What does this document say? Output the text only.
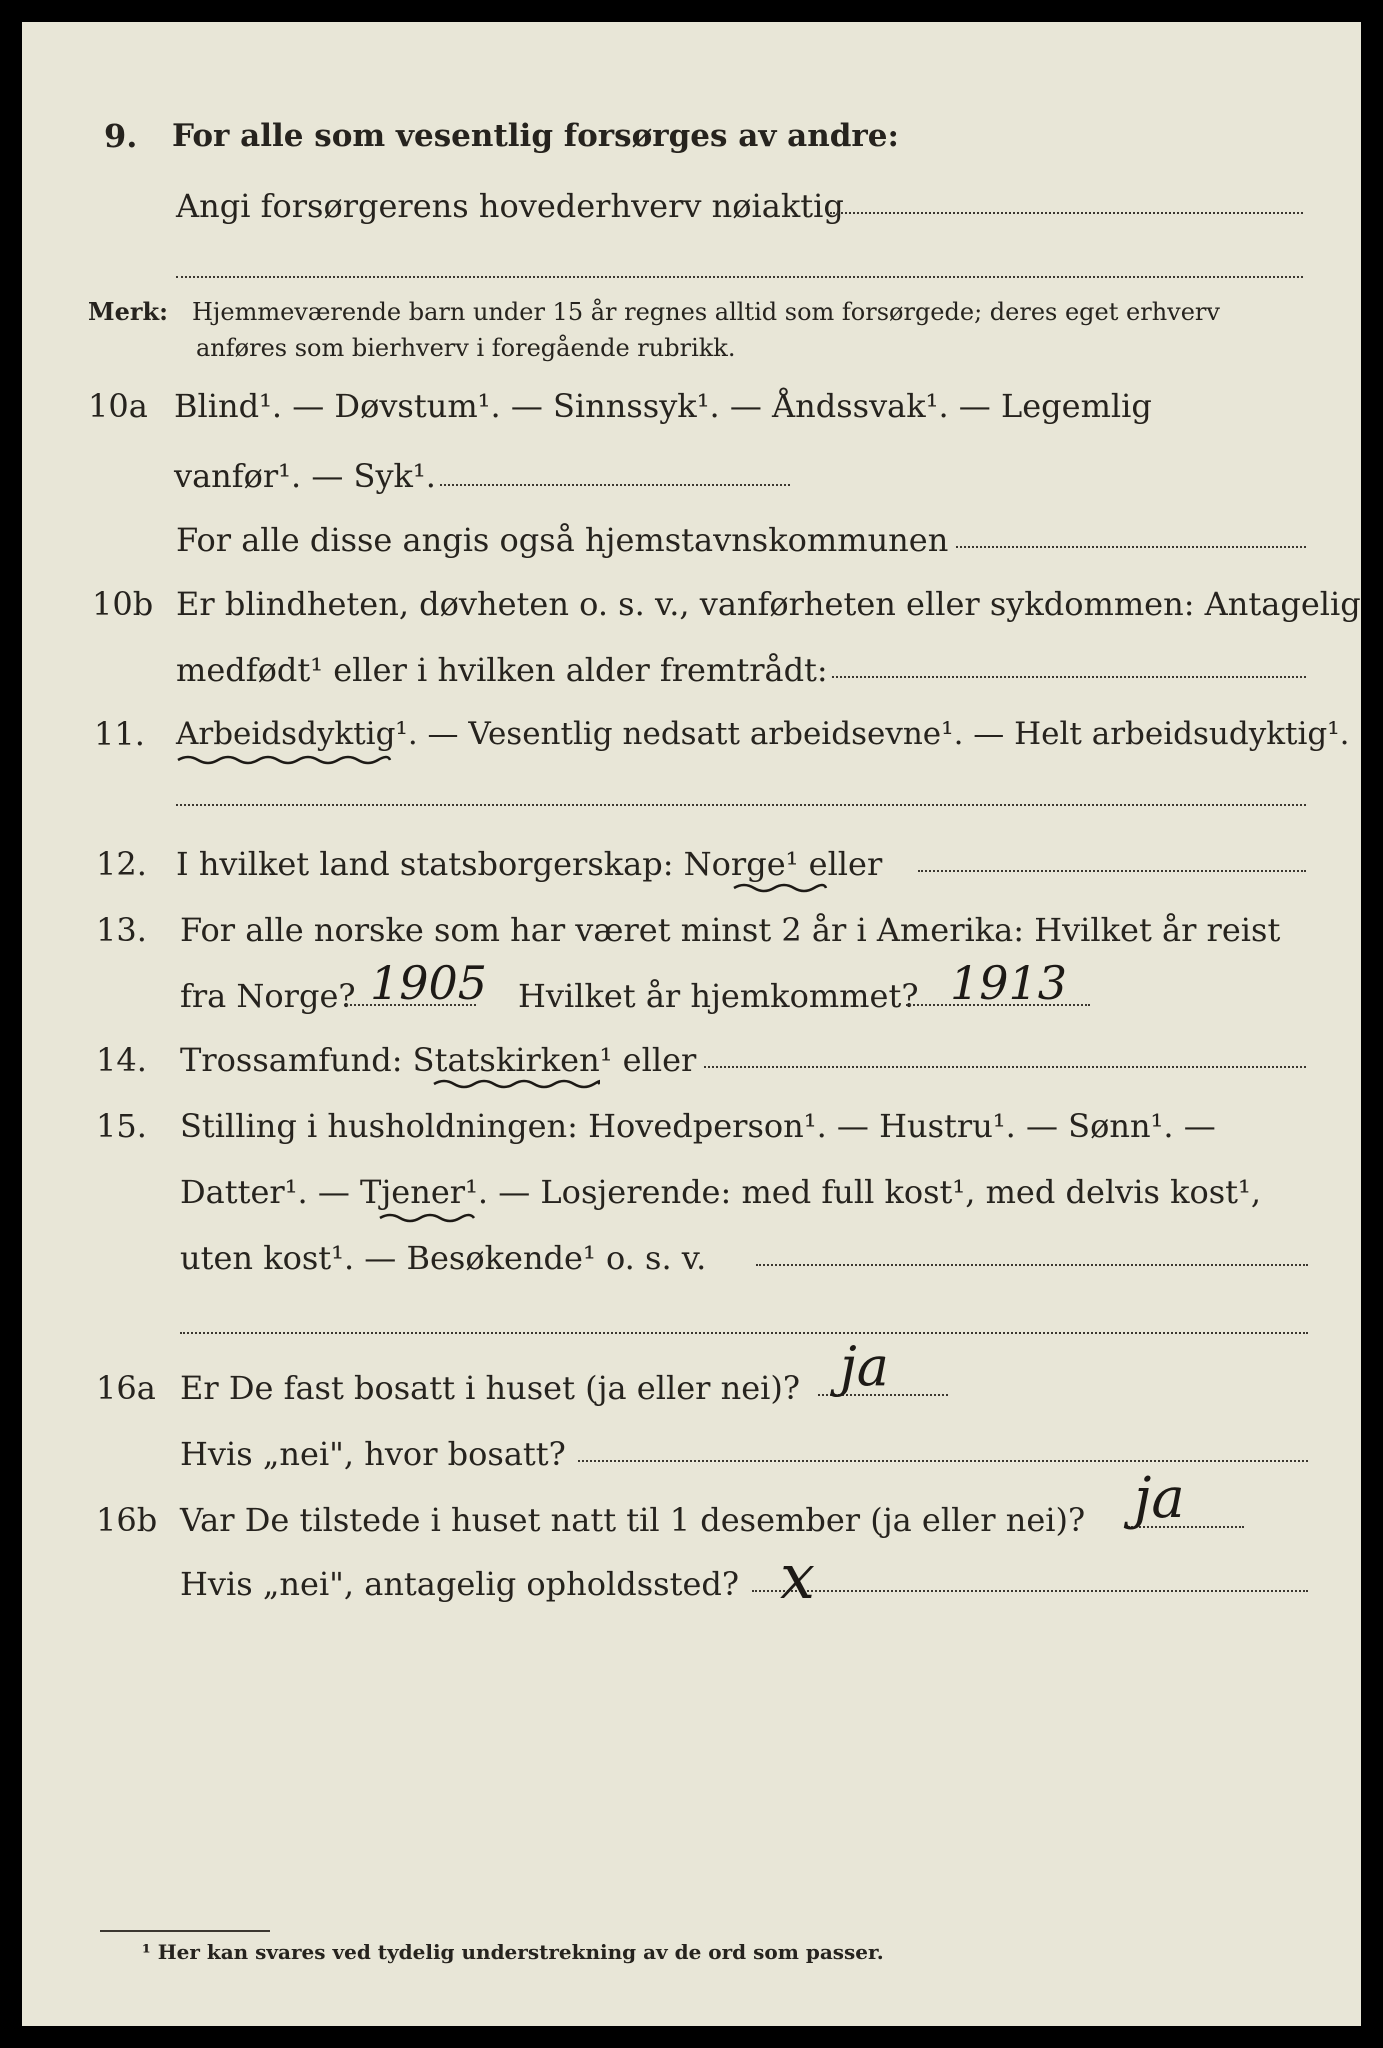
9. For alle som vesentlig forsørges av andre:
Angi forsørgerens hovederhverv nøiaktig
Merk: Hjemmeværende barn under 15 år regnes alltid som forsørgede; deres eget erhverv
anføres som bierhverv i foregående rubrikk.
10a Blind¹. — Døvstum¹. — Sinnssyk¹. — Åndssvak¹. — Legemlig
vanfør¹. — Syk¹.
For alle disse angis også hjemstavnskommunen
10b Er blindheten, døvheten o. s. v., vanførheten eller sykdommen: Antagelig
medfødt¹ eller i hvilken alder fremtrådt:
11. Arbeidsdyktig¹. — Vesentlig nedsatt arbeidsevne¹. — Helt arbeidsudyktig¹.
12. I hvilket land statsborgerskap: Norge¹ eller
13. For alle norske som har været minst 2 år i Amerika: Hvilket år reist
fra Norge? 1905 Hvilket år hjemkommet? 1913
14. Trossamfund: Statskirken¹ eller
15. Stilling i husholdningen: Hovedperson¹. — Hustru¹. — Sønn¹. —
Datter¹. — Tjener¹. — Losjerende: med full kost¹, med delvis kost¹,
uten kost¹. — Besøkende¹ o. s. v.
16a Er De fast bosatt i huset (ja eller nei)? ja
Hvis „nei", hvor bosatt?
16b Var De tilstede i huset natt til 1 desember (ja eller nei)? ja
Hvis „nei", antagelig opholdssted? x
¹ Her kan svares ved tydelig understrekning av de ord som passer.
